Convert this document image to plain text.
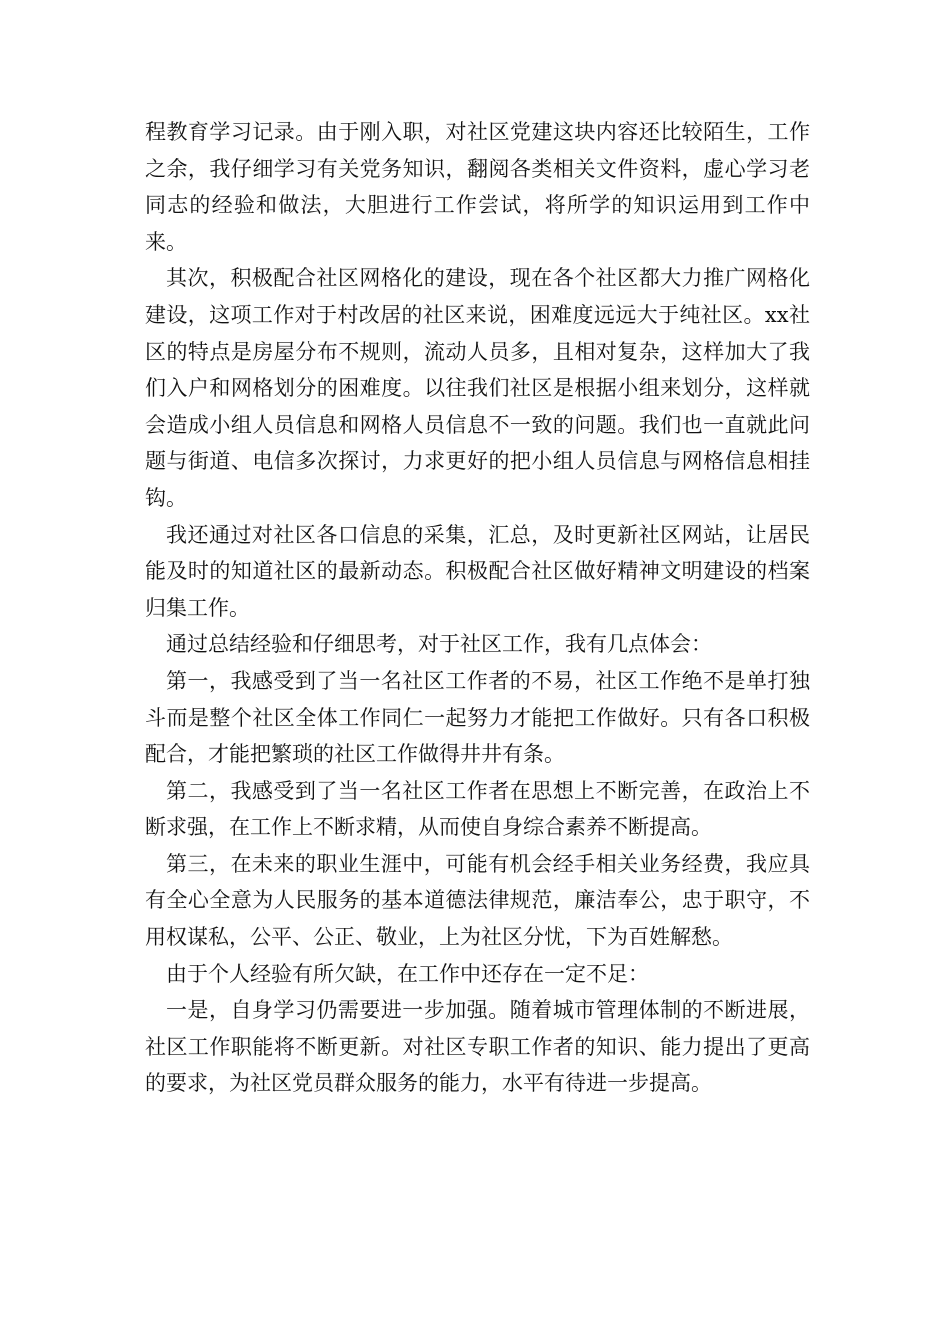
程教育学习记录。由于刚入职，对社区党建这块内容还比较陌生，工作之余，我仔细学习有关党务知识，翻阅各类相关文件资料，虚心学习老同志的经验和做法，大胆进行工作尝试，将所学的知识运用到工作中来。

其次，积极配合社区网格化的建设，现在各个社区都大力推广网格化建设，这项工作对于村改居的社区来说，困难度远远大于纯社区。xx社区的特点是房屋分布不规则，流动人员多，且相对复杂，这样加大了我们入户和网格划分的困难度。以往我们社区是根据小组来划分，这样就会造成小组人员信息和网格人员信息不一致的问题。我们也一直就此问题与街道、电信多次探讨，力求更好的把小组人员信息与网格信息相挂钩。

我还通过对社区各口信息的采集，汇总，及时更新社区网站，让居民能及时的知道社区的最新动态。积极配合社区做好精神文明建设的档案归集工作。

通过总结经验和仔细思考，对于社区工作，我有几点体会：

第一，我感受到了当一名社区工作者的不易，社区工作绝不是单打独斗而是整个社区全体工作同仁一起努力才能把工作做好。只有各口积极配合，才能把繁琐的社区工作做得井井有条。

第二，我感受到了当一名社区工作者在思想上不断完善，在政治上不断求强，在工作上不断求精，从而使自身综合素养不断提高。

第三，在未来的职业生涯中，可能有机会经手相关业务经费，我应具有全心全意为人民服务的基本道德法律规范，廉洁奉公，忠于职守，不用权谋私，公平、公正、敬业，上为社区分忧，下为百姓解愁。

由于个人经验有所欠缺，在工作中还存在一定不足：

一是，自身学习仍需要进一步加强。随着城市管理体制的不断进展，社区工作职能将不断更新。对社区专职工作者的知识、能力提出了更高的要求，为社区党员群众服务的能力，水平有待进一步提高。
